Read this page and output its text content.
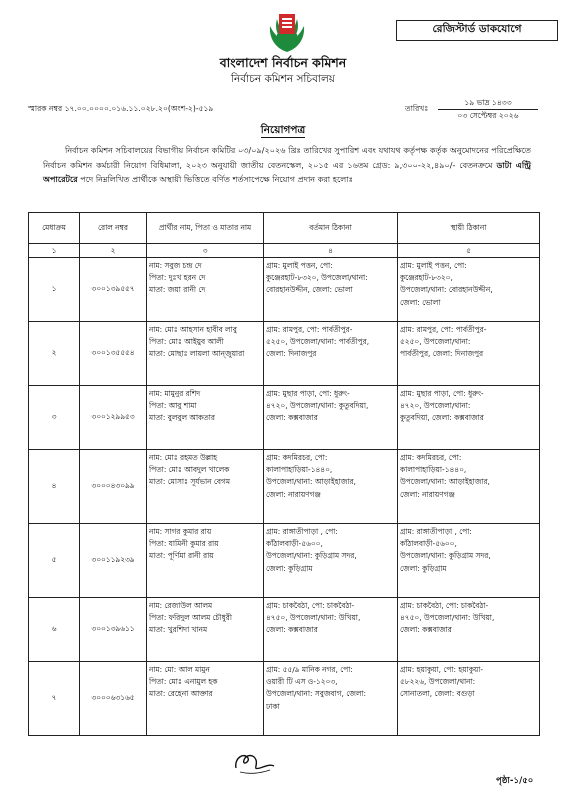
রেজিস্টার্ড ডাকযোগে
বাংলাদেশ নির্বাচন কমিশন
নির্বাচন কমিশন সচিবালয়
স্মারক নম্বর ১৭.০০.০০০০.০১৬.১১.০২৮.২০(অংশ-২)-৫১৯	তারিখঃ
১৯ ভাদ্র ১৪৩৩
০৩ সেপ্টেম্বর ২০২৬
নিয়োগপত্র
নির্বাচন কমিশন সচিবালয়ের বিভাগীয় নির্বাচন কমিটির ০৩/০৯/২০২৬ খ্রিঃ তারিখের সুপারিশ এবং যথাযথ কর্তৃপক্ষ কর্তৃক অনুমোদনের পরিপ্রেক্ষিতে নির্বাচন কমিশন কর্মচারী নিয়োগ বিধিমালা, ২০২৩ অনুযায়ী জাতীয় বেতনস্কেল, ২০১৫ এর ১৬তম গ্রেড: ৯,৩০০-২২,৪৯০/- বেতনক্রমে ডাটা এন্ট্রি অপারেটরে পদে নিম্নলিখিত প্রার্থীকে অস্থায়ী ভিত্তিতে বর্ণিত শর্তসাপেক্ষে নিয়োগ প্রদান করা হলোঃ
মেধাক্রম	রোল নম্বর	প্রার্থীর নাম, পিতা ও মাতার নাম	বর্তমান ঠিকানা	স্থায়ী ঠিকানা
১	২	৩	৪	৫
১	৩০০১৩৯৫৫৭	নাম: সবুজ চন্দ্র দে
পিতা: দুঃখ হরন দে
মাতা: জয়া রানী দে	গ্রাম: মুলাই পত্তন, পো:
কুঞ্জেরহাট-৮৩২০, উপজেলা/থানা:
বোরহানউদ্দীন, জেলা: ভোলা	গ্রাম: মুলাই পত্তন, পো:
কুঞ্জেরহাট-৮৩২০,
উপজেলা/থানা: বোরহানউদ্দীন,
জেলা: ভোলা

২	৩০০১৩৫৫৫৪	নাম: মোঃ আহসান হাবীব লাবু
পিতা: মোঃ আইয়ুব আলী
মাতা: মোছাঃ লায়লা আন্জুয়ারা	গ্রাম: রামপুর, পো: পার্বতীপুর-
৫২৫০, উপজেলা/থানা: পার্বতীপুর,
জেলা: দিনাজপুর	গ্রাম: রামপুর, পো: পার্বতীপুর-
৫২৫০, উপজেলা/থানা:
পার্বতীপুর, জেলা: দিনাজপুর

৩	৩০০১২৯৯৫৩	নাম: মামুনুর রশিদ
পিতা: আবু শামা
মাতা: বুলবুল আকতার	গ্রাম: মুছার পাড়া, পো: ধুরুং-
৪৭২০, উপজেলা/থানা: কুতুবদিয়া,
জেলা: কক্সবাজার	গ্রাম: মুছার পাড়া, পো: ধুরুং-
৪৭২০, উপজেলা/থানা:
কুতুবদিয়া, জেলা: কক্সবাজার

৪	৩০০০৪৩০৯৯	নাম: মোঃ রহমত উল্লাহ
পিতা: মোঃ আবদুল খালেক
মাতা: মোসাঃ সূর্যভান বেগম	গ্রাম: কদমিরচর, পো:
কালাপাহাড়িয়া-১৪৪০,
উপজেলা/থানা: আড়াইহাজার,
জেলা: নারায়ণগঞ্জ	গ্রাম: কদমিরচর, পো:
কালাপাহাড়িয়া-১৪৪০,
উপজেলা/থানা: আড়াইহাজার,
জেলা: নারায়ণগঞ্জ

৫	৩০০১১৯২৩৯	নাম: সাগর কুমার রায়
পিতা: যামিনী কুমার রায়
মাতা: পূর্ণিমা রানী রায়	গ্রাম: রাঙ্গাতীপাড়া , পো:
কাঁঠালবাড়ী-৫৬০০,
উপজেলা/থানা: কুড়িগ্রাম সদর,
জেলা: কুড়িগ্রাম	গ্রাম: রাঙ্গাতীপাড়া , পো:
কাঁঠালবাড়ী-৫৬০০,
উপজেলা/থানা: কুড়িগ্রাম সদর,
জেলা: কুড়িগ্রাম

৬	৩০০১৩৯৬১১	নাম: রেজাউল আলম
পিতা: ফরিদুল আলম চৌধুরী
মাতা: খুরশিদা খানম	গ্রাম: চাকবৈঠা, পো: চাকবৈঠা-
৪৭৫০, উপজেলা/থানা: উখিয়া,
জেলা: কক্সবাজার	গ্রাম: চাকবৈঠা, পো: চাকবৈঠা-
৪৭৫০, উপজেলা/থানা: উখিয়া,
জেলা: কক্সবাজার

৭	৩০০০৬৩১৬৫	নাম: মো: আল মামুন
পিতা: মোঃ এনামুল হক
মাতা: রেহেনা আক্তার	গ্রাম: ৫৫/৯ মানিক নগর, পো:
ওয়ারী টি এস ও-১২০৩,
উপজেলা/থানা: সবুজবাগ, জেলা:
ঢাকা	গ্রাম: হয়াকুয়া, পো: হয়াকুয়া-
৫৮২২৬, উপজেলা/থানা:
সোনাতলা, জেলা: বগুড়া
পৃষ্ঠা-১/৫০
